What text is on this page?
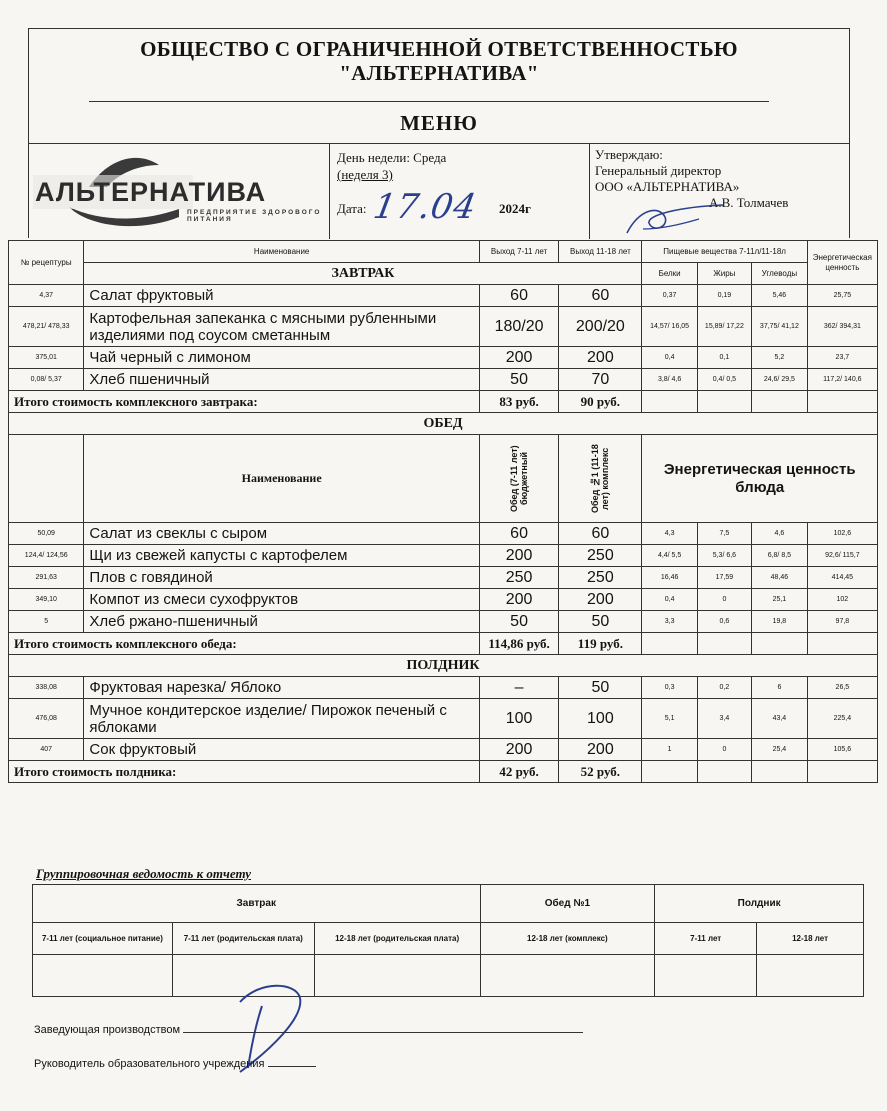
ОБЩЕСТВО С ОГРАНИЧЕННОЙ ОТВЕТСТВЕННОСТЬЮ
"АЛЬТЕРНАТИВА"
МЕНЮ
АЛЬТЕРНАТИВА
ПРЕДПРИЯТИЕ ЗДОРОВОГО ПИТАНИЯ
День недели: Среда
(неделя 3)
Дата: 17.04 2024г
Утверждаю:
Генеральный директор
ООО «АЛЬТЕРНАТИВА»
А.В. Толмачев
№ рецептуры	Наименование	Выход 7-11 лет	Выход 11-18 лет	Пищевые вещества 7-11л/11-18л			Энергетическая ценность
	ЗАВТРАК			Белки	Жиры	Углеводы	
4,37	Салат фруктовый	60	60	0,37	0,19	5,46	25,75
478,21/ 478,33	Картофельная запеканка с мясными рубленными изделиями под соусом сметанным	180/20	200/20	14,57/ 16,05	15,89/ 17,22	37,75/ 41,12	362/ 394,31
375,01	Чай черный с лимоном	200	200	0,4	0,1	5,2	23,7
0,08/ 5,37	Хлеб пшеничный	50	70	3,8/ 4,6	0,4/ 0,5	24,6/ 29,5	117,2/ 140,6
Итого стоимость комплексного завтрака:		83 руб.	90 руб.				
ОБЕД							
	Наименование	Обед (7-11 лет) бюджетный	Обед №1 (11-18 лет) комплекс	Энергетическая ценность блюда			
50,09	Салат из свеклы с сыром	60	60	4,3	7,5	4,6	102,6
124,4/ 124,56	Щи из свежей капусты с картофелем	200	250	4,4/ 5,5	5,3/ 6,6	6,8/ 8,5	92,6/ 115,7
291,63	Плов с говядиной	250	250	16,46	17,59	48,46	414,45
349,10	Компот из смеси сухофруктов	200	200	0,4	0	25,1	102
5	Хлеб ржано-пшеничный	50	50	3,3	0,6	19,8	97,8
Итого стоимость комплексного обеда:		114,86 руб.	119 руб.				
ПОЛДНИК							
338,08	Фруктовая нарезка/ Яблоко	–	50	0,3	0,2	6	26,5
476,08	Мучное кондитерское изделие/ Пирожок печеный с яблоками	100	100	5,1	3,4	43,4	225,4
407	Сок фруктовый	200	200	1	0	25,4	105,6
Итого стоимость полдника:		42 руб.	52 руб.				
Группировочная ведомость к отчету
Завтрак			Обед №1	Полдник	
7-11 лет (социальное питание)	7-11 лет (родительская плата)	12-18 лет (родительская плата)	12-18 лет (комплекс)	7-11 лет	12-18 лет

Заведующая производством
Руководитель образовательного учреждения
